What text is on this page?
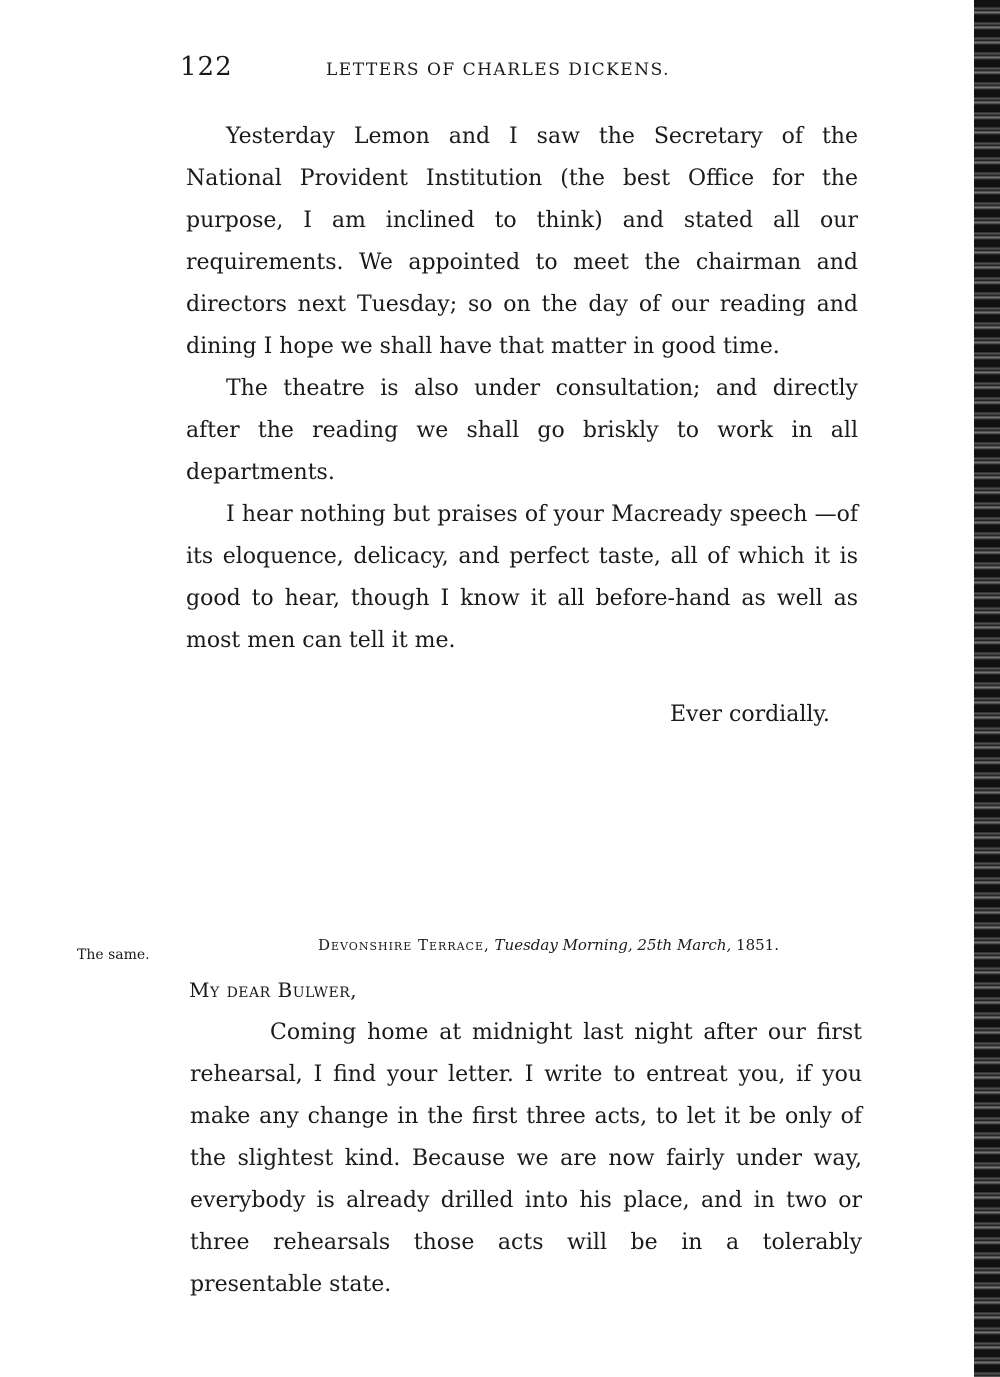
122	LETTERS OF CHARLES DICKENS.

Yesterday Lemon and I saw the Secretary of the National Provident Institution (the best Office for the purpose, I am inclined to think) and stated all our requirements. We appointed to meet the chairman and directors next Tuesday; so on the day of our reading and dining I hope we shall have that matter in good time.

The theatre is also under consultation; and directly after the reading we shall go briskly to work in all departments.

I hear nothing but praises of your Macready speech —of its eloquence, delicacy, and perfect taste, all of which it is good to hear, though I know it all before-hand as well as most men can tell it me.

Ever cordially.
The same.
Devonshire Terrace, Tuesday Morning, 25th March, 1851.
My dear Bulwer,

Coming home at midnight last night after our first rehearsal, I find your letter. I write to entreat you, if you make any change in the first three acts, to let it be only of the slightest kind. Because we are now fairly under way, everybody is already drilled into his place, and in two or three rehearsals those acts will be in a tolerably presentable state.
